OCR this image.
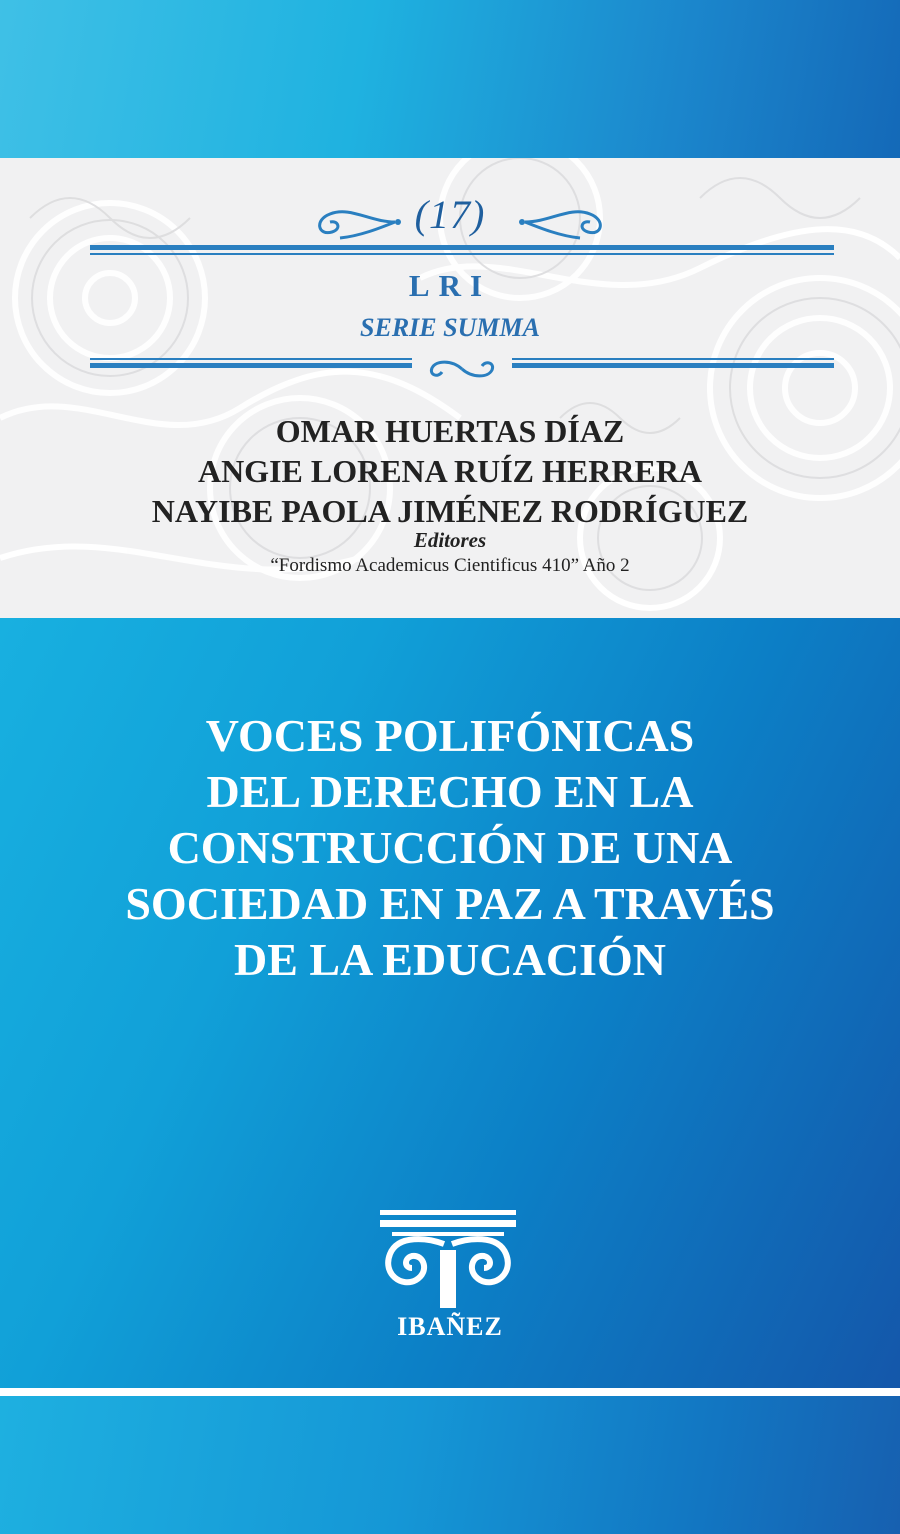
(17)
LRI
SERIE SUMMA
OMAR HUERTAS DÍAZ
ANGIE LORENA RUÍZ HERRERA
NAYIBE PAOLA JIMÉNEZ RODRÍGUEZ
Editores
“Fordismo Academicus Cientificus 410” Año 2
VOCES POLIFÓNICAS
DEL DERECHO EN LA
CONSTRUCCIÓN DE UNA
SOCIEDAD EN PAZ A TRAVÉS
DE LA EDUCACIÓN
IBAÑEZ
